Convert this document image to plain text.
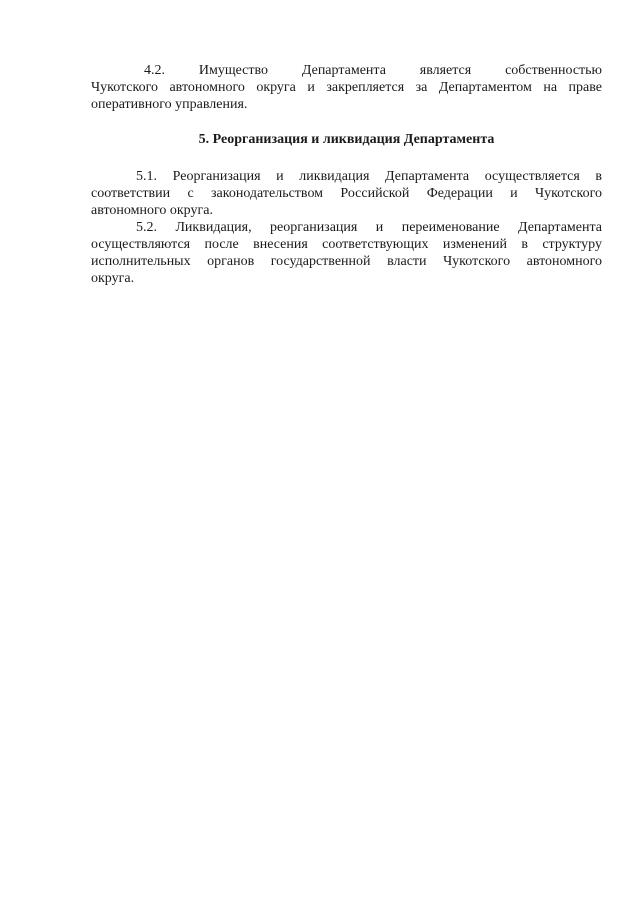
4.2. Имущество Департамента является собственностью
Чукотского автономного округа и закрепляется за Департаментом на праве
оперативного управления.
5. Реорганизация и ликвидация Департамента
5.1. Реорганизация и ликвидация Департамента осуществляется в
соответствии с законодательством Российской Федерации и Чукотского
автономного округа.
5.2. Ликвидация, реорганизация и переименование Департамента
осуществляются после внесения соответствующих изменений в структуру
исполнительных органов государственной власти Чукотского автономного
округа.
